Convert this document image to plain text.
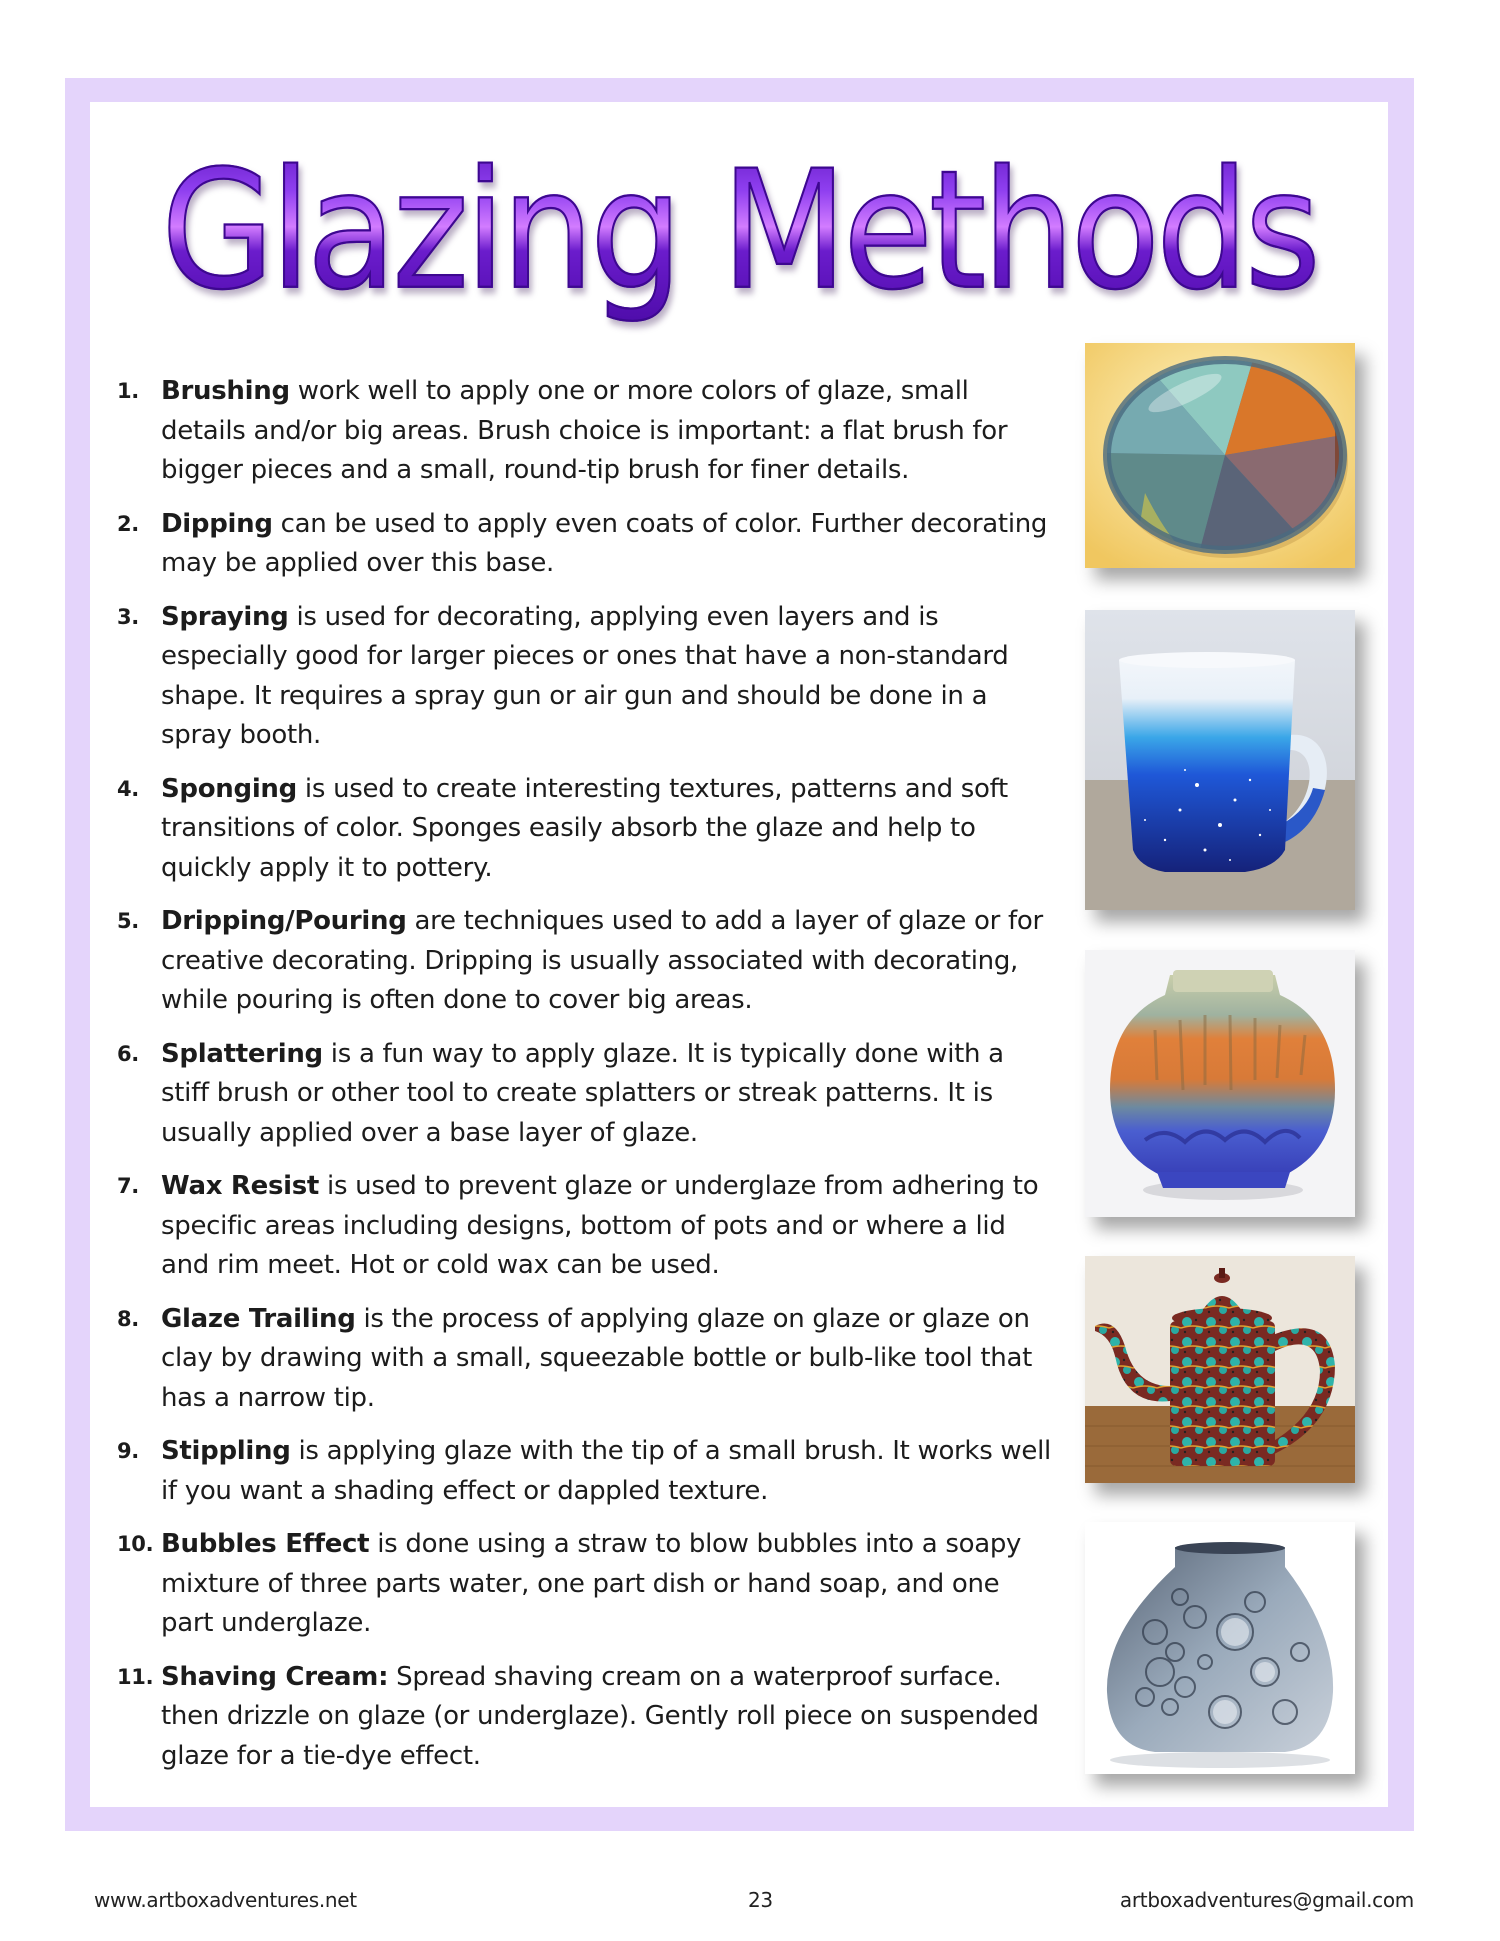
Glazing Methods
1. Brushing work well to apply one or more colors of glaze, small details and/or big areas. Brush choice is important: a flat brush for bigger pieces and a small, round-tip brush for finer details.
2. Dipping can be used to apply even coats of color. Further decorating may be applied over this base.
3. Spraying is used for decorating, applying even layers and is especially good for larger pieces or ones that have a non-standard shape. It requires a spray gun or air gun and should be done in a spray booth.
4. Sponging is used to create interesting textures, patterns and soft transitions of color. Sponges easily absorb the glaze and help to quickly apply it to pottery.
5. Dripping/Pouring are techniques used to add a layer of glaze or for creative decorating. Dripping is usually associated with decorating, while pouring is often done to cover big areas.
6. Splattering is a fun way to apply glaze. It is typically done with a stiff brush or other tool to create splatters or streak patterns. It is usually applied over a base layer of glaze.
7. Wax Resist is used to prevent glaze or underglaze from adhering to specific areas including designs, bottom of pots and or where a lid and rim meet. Hot or cold wax can be used.
8. Glaze Trailing is the process of applying glaze on glaze or glaze on clay by drawing with a small, squeezable bottle or bulb-like tool that has a narrow tip.
9. Stippling is applying glaze with the tip of a small brush. It works well if you want a shading effect or dappled texture.
10. Bubbles Effect is done using a straw to blow bubbles into a soapy mixture of three parts water, one part dish or hand soap, and one part underglaze.
11. Shaving Cream: Spread shaving cream on a waterproof surface. then drizzle on glaze (or underglaze). Gently roll piece on suspended glaze for a tie-dye effect.
www.artboxadventures.net	23	artboxadventures@gmail.com
